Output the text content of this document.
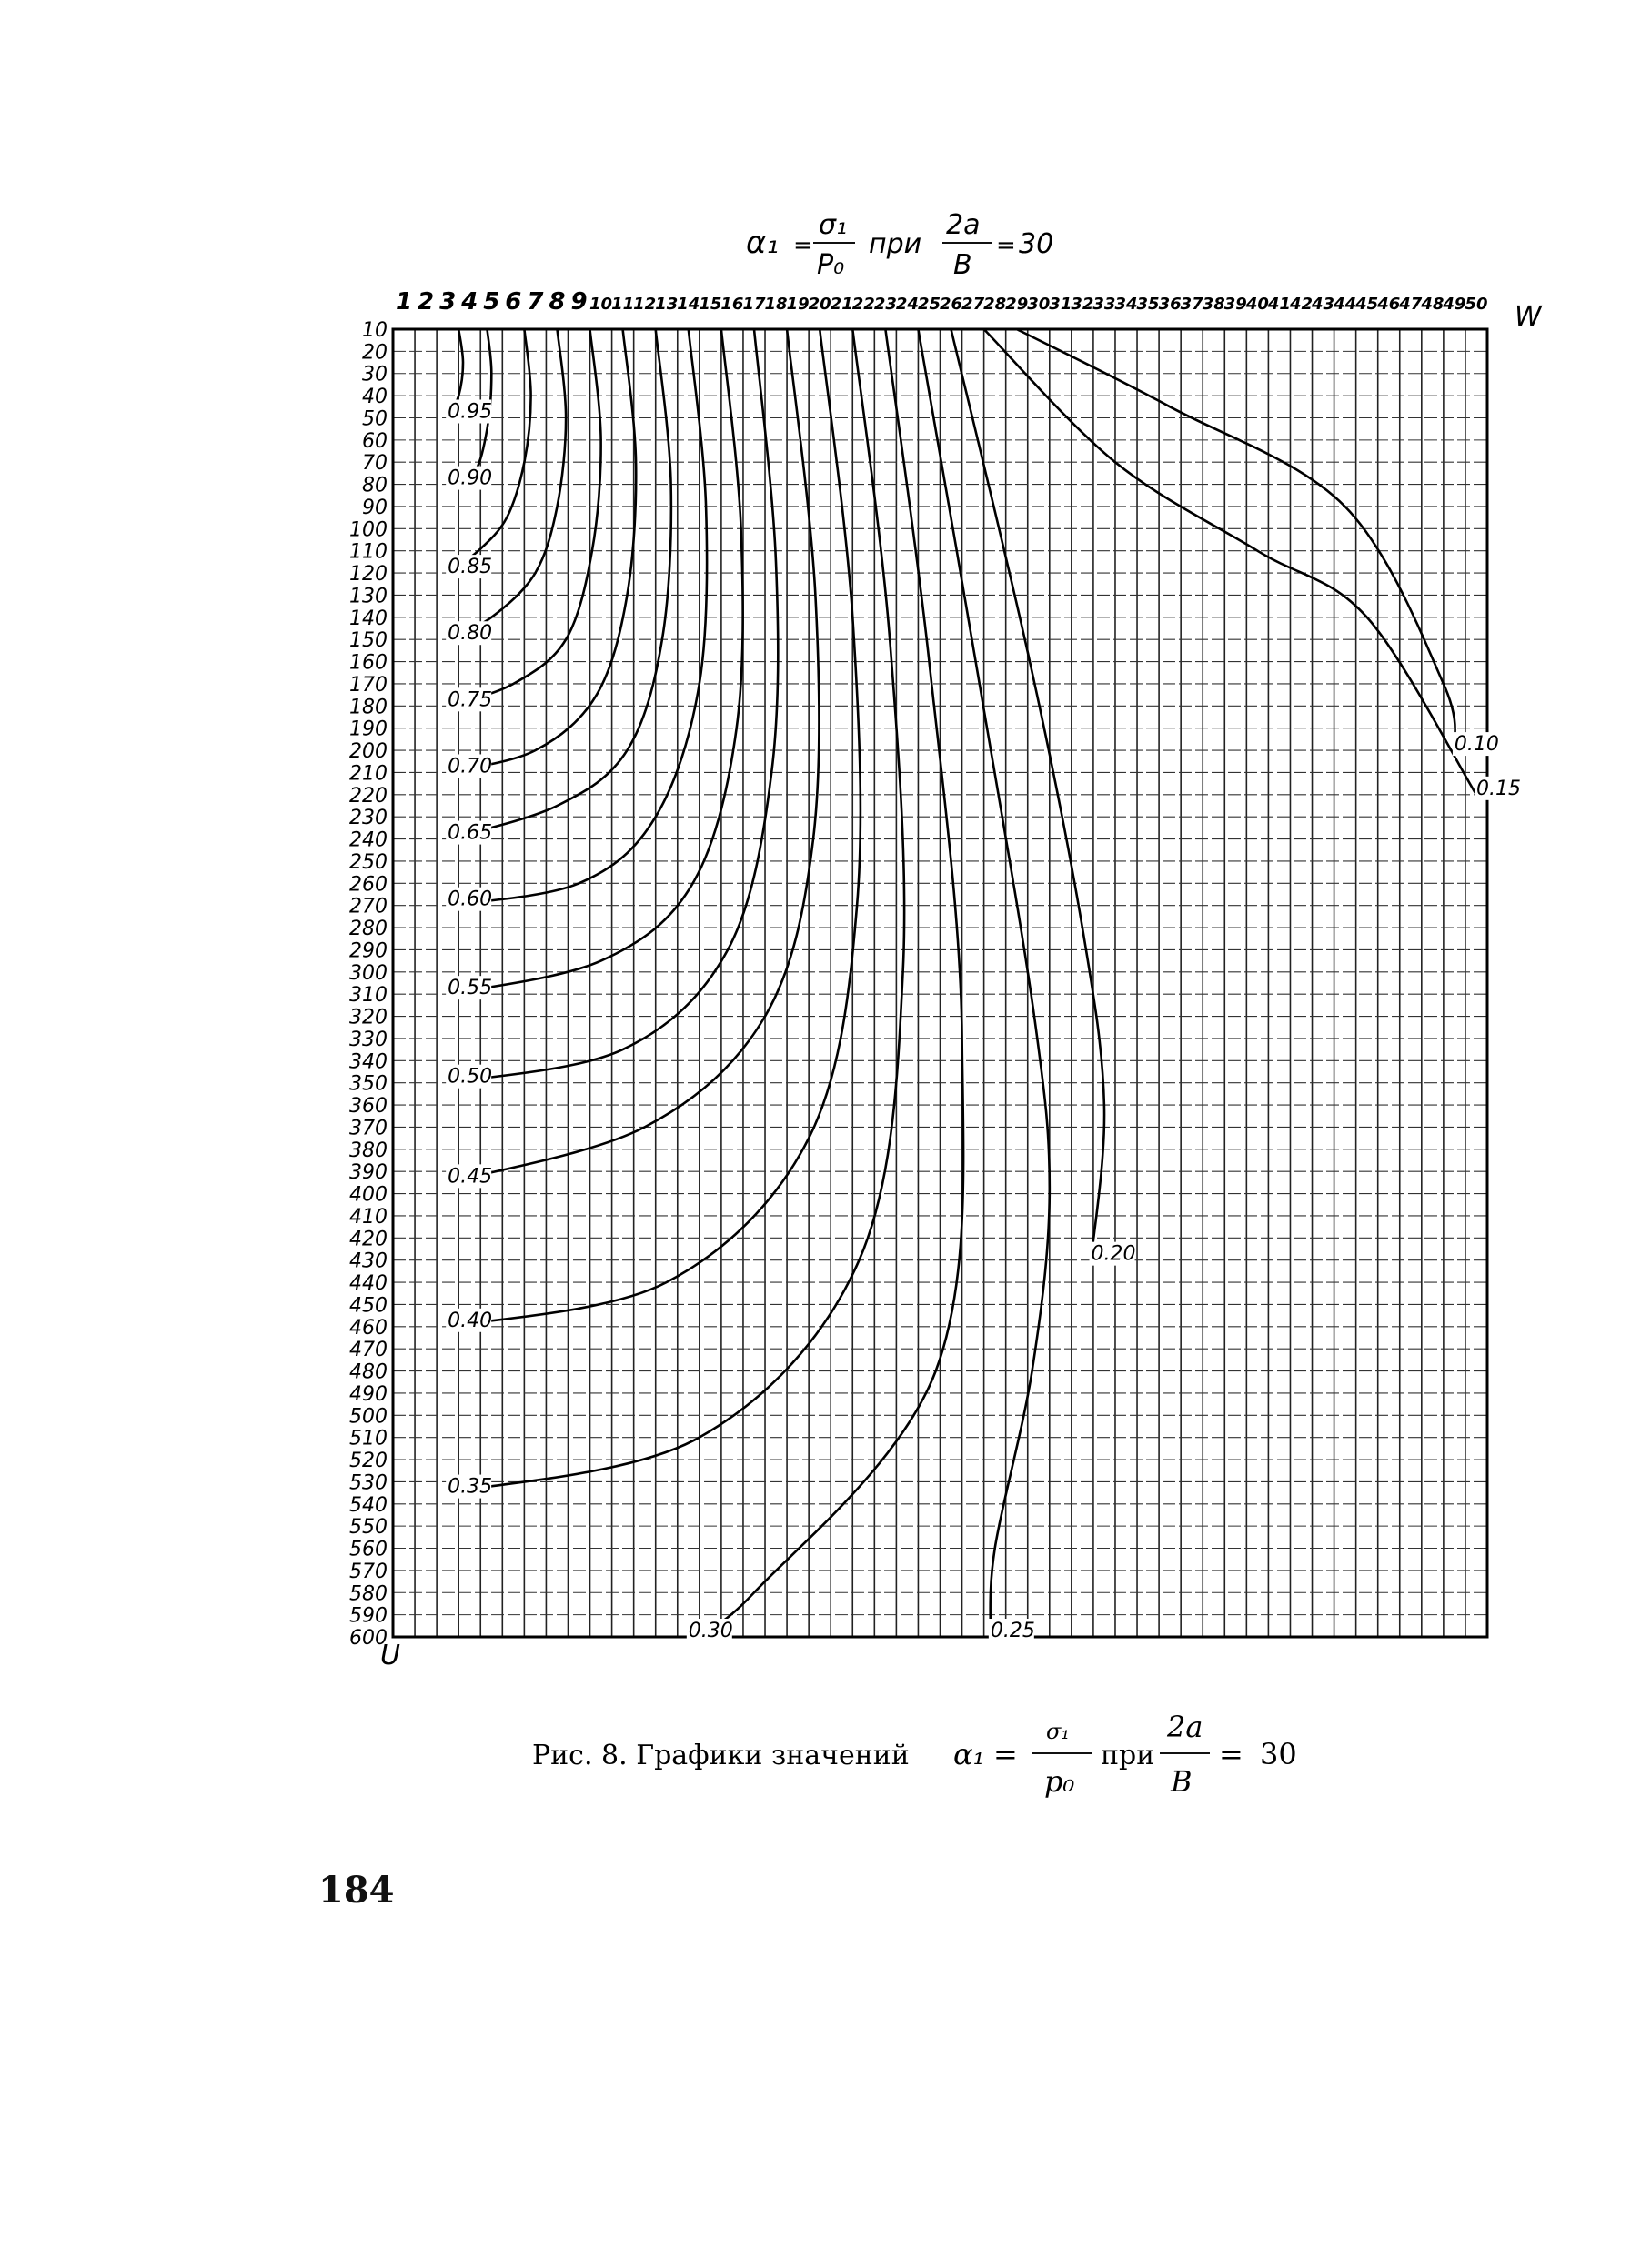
α₁ =
σ₁
P₀
при
2a
B
= 30
1 2 3 4 5 6 7 8 9 10
11
12
13
14
15
16
17
18
19
20
21
22
23
24
25
26
27
28
29
30
31
32
33
34
35
36
37
38
39
40
41
42
43
44
45
46
47
48
49
50
10
20
30
40
50
60
70
80
90
100
110
120
130
140
150
160
170
180
190
200
210
220
230
240
250
260
270
280
290
300
310
320
330
340
350
360
370
380
390
400
410
420
430
440
450
460
470
480
490
500
510
520
530
540
550
560
570
580
590
600
0.95
0.90
0.85
0.80
0.75
0.70
0.65
0.60
0.55
0.50
0.45
0.40
0.35
0.30	0.25
0.20
0.15
0.10
W
U
Рис. 8. Графики значений α₁ =
σ₁
p₀
при
2a
B
= 30
184
